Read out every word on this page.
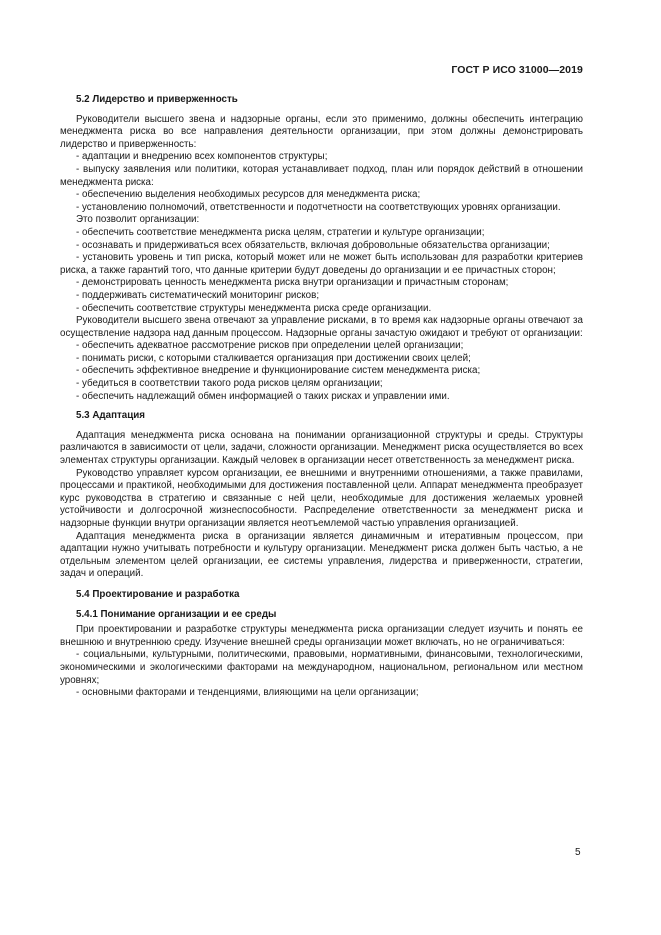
ГОСТ Р ИСО 31000—2019
5.2 Лидерство и приверженность

Руководители высшего звена и надзорные органы, если это применимо, должны обеспечить интеграцию менеджмента риска во все направления деятельности организации, при этом должны демонстрировать лидерство и приверженность:

- адаптации и внедрению всех компонентов структуры;

- выпуску заявления или политики, которая устанавливает подход, план или порядок действий в отношении менеджмента риска:

- обеспечению выделения необходимых ресурсов для менеджмента риска;

- установлению полномочий, ответственности и подотчетности на соответствующих уровнях организации.

Это позволит организации:

- обеспечить соответствие менеджмента риска целям, стратегии и культуре организации;

- осознавать и придерживаться всех обязательств, включая добровольные обязательства организации;

- установить уровень и тип риска, который может или не может быть использован для разработки критериев риска, а также гарантий того, что данные критерии будут доведены до организации и ее причастных сторон;

- демонстрировать ценность менеджмента риска внутри организации и причастным сторонам;

- поддерживать систематический мониторинг рисков;

- обеспечить соответствие структуры менеджмента риска среде организации.

Руководители высшего звена отвечают за управление рисками, в то время как надзорные органы отвечают за осуществление надзора над данным процессом. Надзорные органы зачастую ожидают и требуют от организации:

- обеспечить адекватное рассмотрение рисков при определении целей организации;

- понимать риски, с которыми сталкивается организация при достижении своих целей;

- обеспечить эффективное внедрение и функционирование систем менеджмента риска;

- убедиться в соответствии такого рода рисков целям организации;

- обеспечить надлежащий обмен информацией о таких рисках и управлении ими.

5.3 Адаптация

Адаптация менеджмента риска основана на понимании организационной структуры и среды. Структуры различаются в зависимости от цели, задачи, сложности организации. Менеджмент риска осуществляется во всех элементах структуры организации. Каждый человек в организации несет ответственность за менеджмент риска.

Руководство управляет курсом организации, ее внешними и внутренними отношениями, а также правилами, процессами и практикой, необходимыми для достижения поставленной цели. Аппарат менеджмента преобразует курс руководства в стратегию и связанные с ней цели, необходимые для достижения желаемых уровней устойчивости и долгосрочной жизнеспособности. Распределение ответственности за менеджмент риска и надзорные функции внутри организации является неотъемлемой частью управления организацией.

Адаптация менеджмента риска в организации является динамичным и итеративным процессом, при адаптации нужно учитывать потребности и культуру организации. Менеджмент риска должен быть частью, а не отдельным элементом целей организации, ее системы управления, лидерства и приверженности, стратегии, задач и операций.

5.4 Проектирование и разработка
5.4.1 Понимание организации и ее среды

При проектировании и разработке структуры менеджмента риска организации следует изучить и понять ее внешнюю и внутреннюю среду. Изучение внешней среды организации может включать, но не ограничиваться:

- социальными, культурными, политическими, правовыми, нормативными, финансовыми, технологическими, экономическими и экологическими факторами на международном, национальном, региональном или местном уровнях;

- основными факторами и тенденциями, влияющими на цели организации;

5
